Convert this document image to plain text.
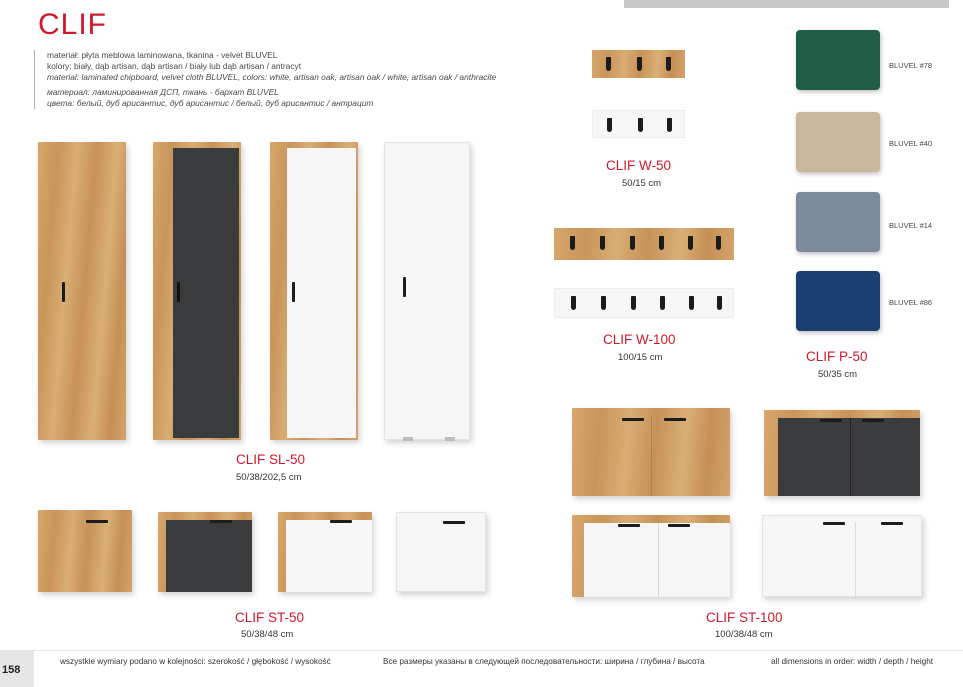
CLIF
materiał: płyta meblowa laminowana, tkanina - velvet BLUVEL
kolory: biały, dąb artisan, dąb artisan / biały lub dąb artisan / antracyt
material: laminated chipboard, velvet cloth BLUVEL, colors: white, artisan oak, artisan oak / white, artisan oak / anthracite
материал: ламинированная ДСП, ткань - бархат BLUVEL
цвета: белый, дуб арисантис, дуб арисантис / белый, дуб арисантис / антрацит
CLIF SL-50
50/38/202,5 cm
CLIF ST-50
50/38/48 cm
CLIF W-50
50/15 cm
CLIF W-100
100/15 cm
BLUVEL #78
BLUVEL #40
BLUVEL #14
BLUVEL #86
CLIF P-50
50/35 cm
CLIF ST-100
100/38/48 cm
158
wszystkie wymiary podano w kolejności: szerokość / głębokość / wysokość	Все размеры указаны в следующей последовательности: ширина / глубина / высота	all dimensions in order: width / depth / height
